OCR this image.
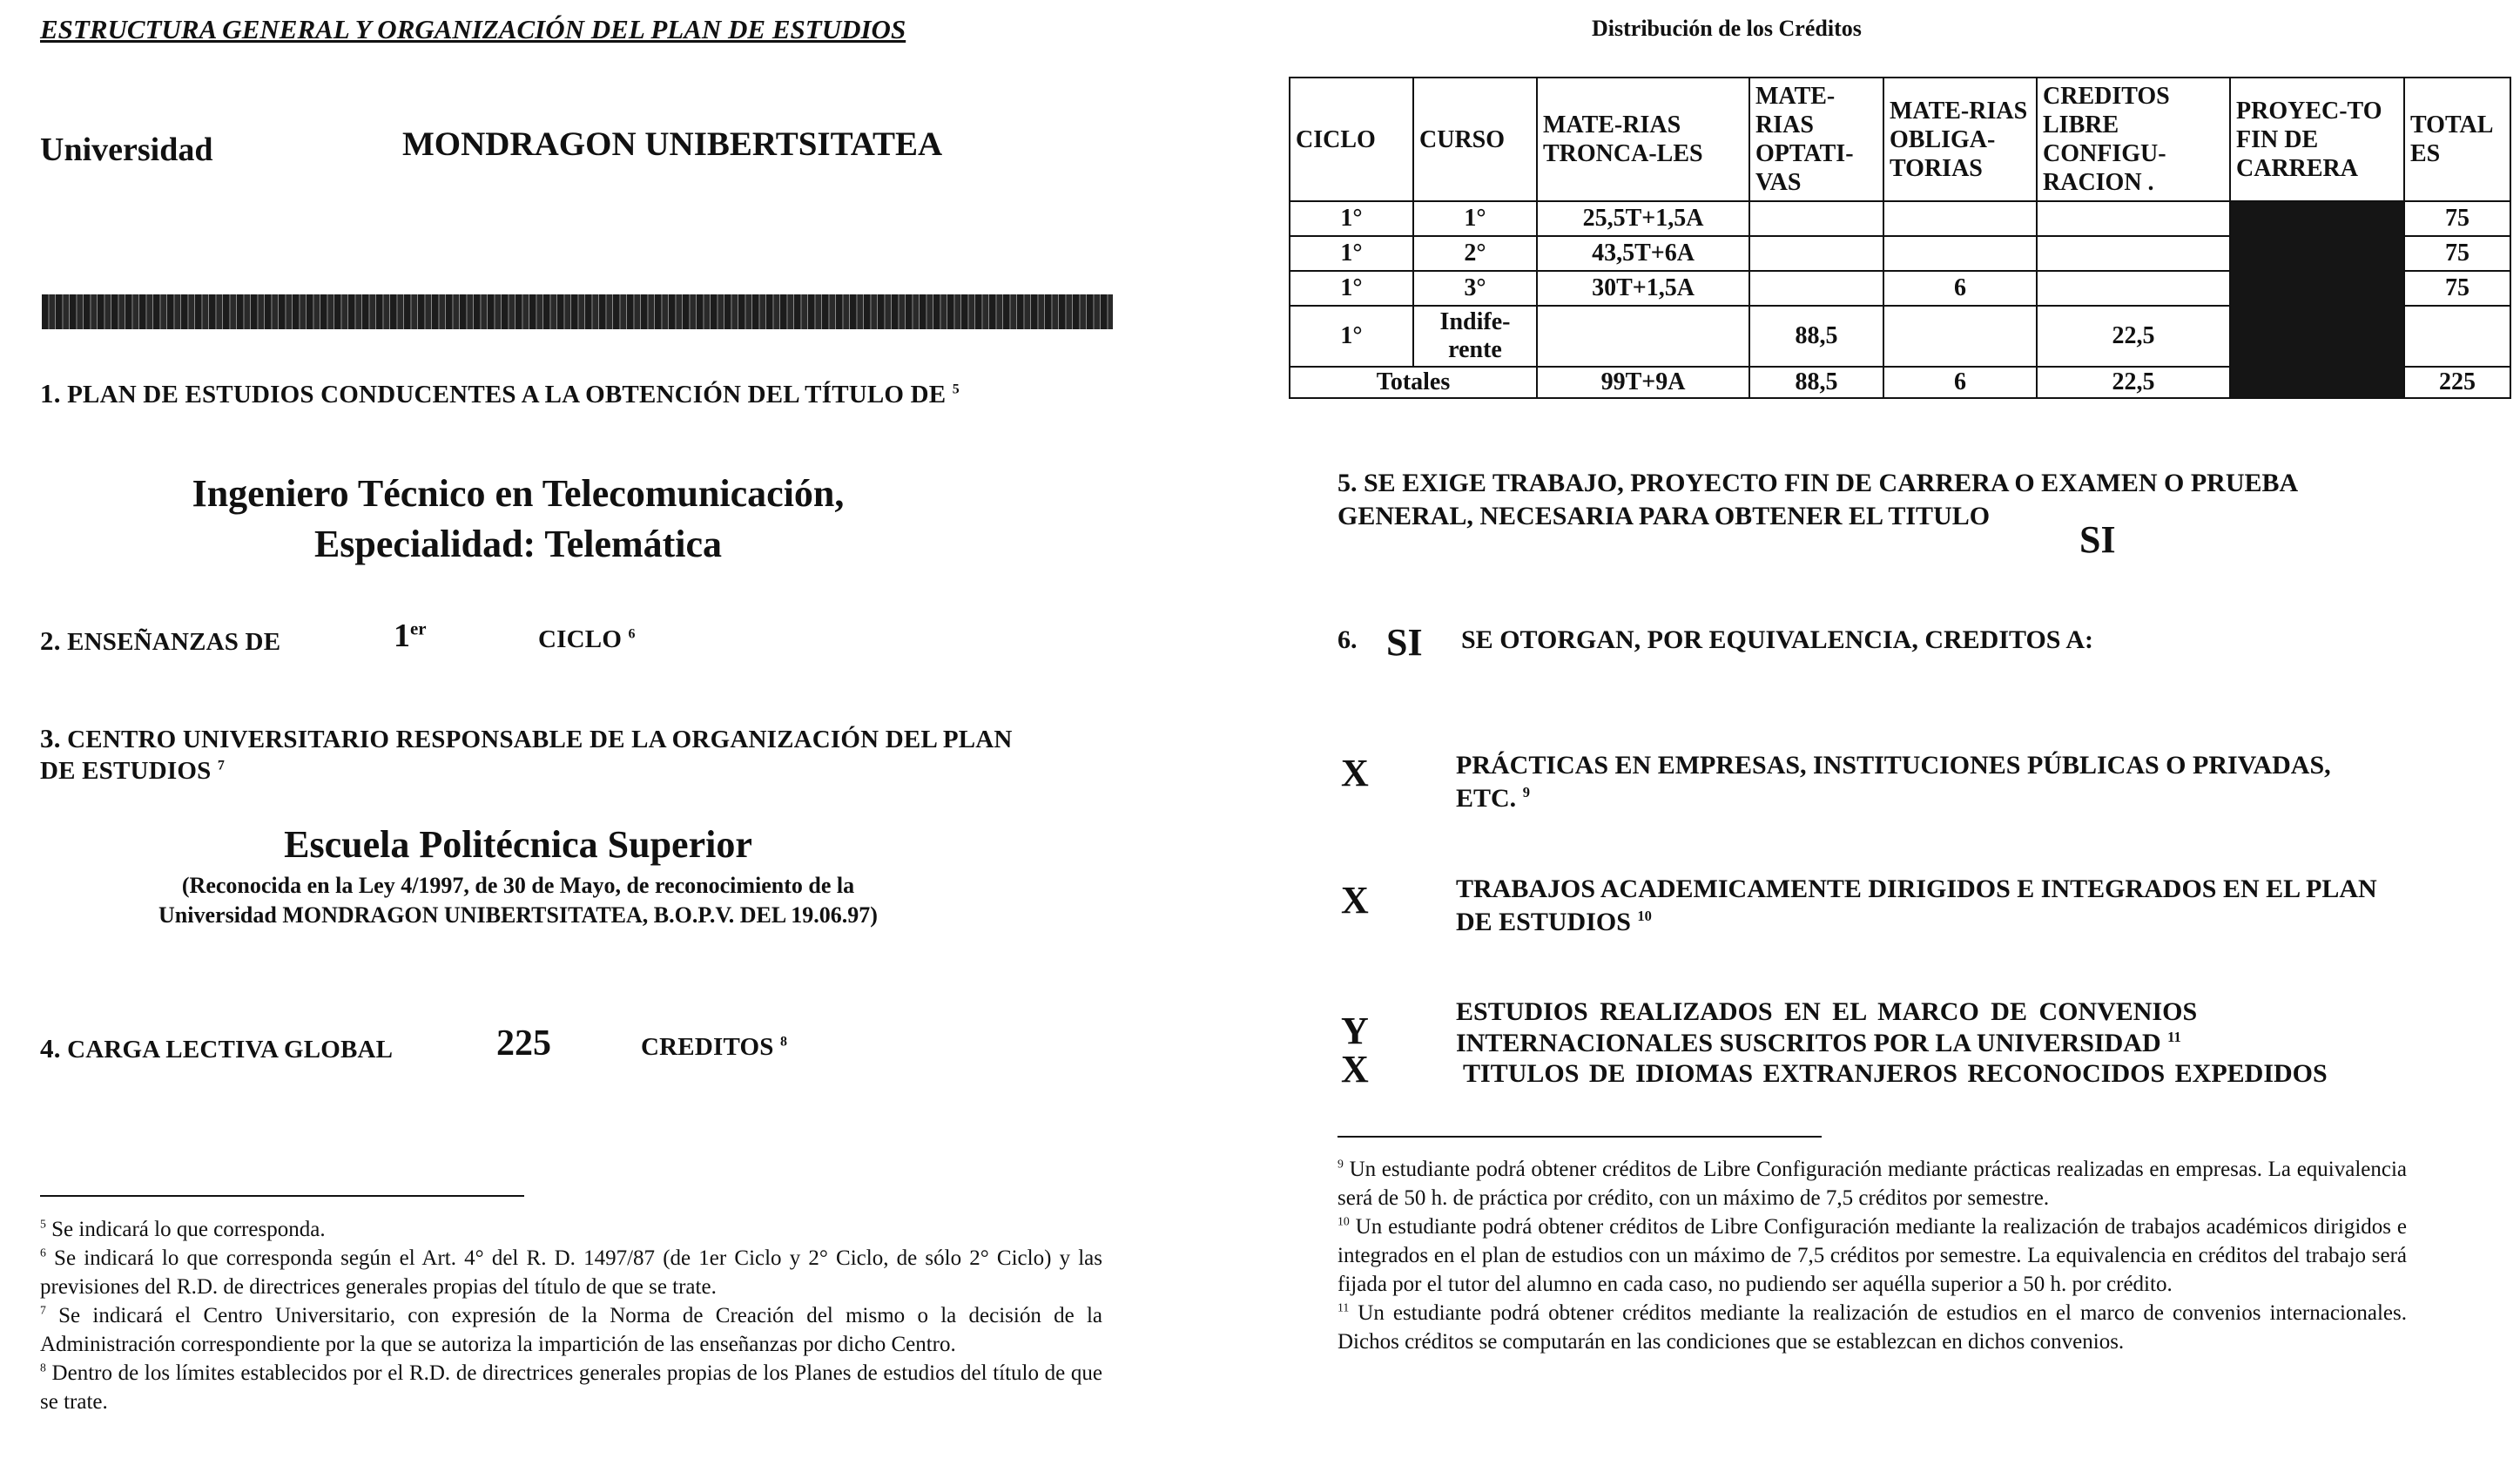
ESTRUCTURA GENERAL Y ORGANIZACIÓN DEL PLAN DE ESTUDIOS
Universidad	MONDRAGON UNIBERTSITATEA
1. PLAN DE ESTUDIOS CONDUCENTES A LA OBTENCIÓN DEL TÍTULO DE $^5$
Ingeniero Técnico en Telecomunicación,
Especialidad: Telemática
2. ENSEÑANZAS DE	1er	CICLO $^6$
3. CENTRO UNIVERSITARIO RESPONSABLE DE LA ORGANIZACIÓN DEL PLAN
DE ESTUDIOS $^7$
Escuela Politécnica Superior
(Reconocida en la Ley 4/1997, de 30 de Mayo, de reconocimiento de la
Universidad MONDRAGON UNIBERTSITATEA, B.O.P.V. DEL 19.06.97)
4. CARGA LECTIVA GLOBAL	225	CREDITOS $^8$
$^5$ Se indicará lo que corresponda.
$^6$ Se indicará lo que corresponda según el Art. 4° del R. D. 1497/87 (de 1er Ciclo y 2° Ciclo, de sólo 2° Ciclo) y las previsiones del R.D. de directrices generales propias del título de que se trate.
$^7$ Se indicará el Centro Universitario, con expresión de la Norma de Creación del mismo o la decisión de la Administración correspondiente por la que se autoriza la impartición de las enseñanzas por dicho Centro.
$^8$ Dentro de los límites establecidos por el R.D. de directrices generales propias de los Planes de estudios del título de que se trate.
Distribución de los Créditos
CICLO	CURSO	MATE-RIAS TRONCA-LES	MATE-RIAS OPTATI-VAS	MATE-RIAS OBLIGA-TORIAS	CREDITOS LIBRE CONFIGU-RACION .	PROYEC-TO FIN DE CARRERA	TOTAL ES
1°	1°	25,5T+1,5A					75
1°	2°	43,5T+6A					75
1°	3°	30T+1,5A		6			75
1°	Indife-rente		88,5		22,5		
Totales		99T+9A	88,5	6	22,5		225
5. SE EXIGE TRABAJO, PROYECTO FIN DE CARRERA O EXAMEN O PRUEBA
GENERAL, NECESARIA PARA OBTENER EL TITULO
SI
6. SI SE OTORGAN, POR EQUIVALENCIA, CREDITOS A:
X	PRÁCTICAS EN EMPRESAS, INSTITUCIONES PÚBLICAS O PRIVADAS,
ETC. $^9$
X	TRABAJOS ACADEMICAMENTE DIRIGIDOS E INTEGRADOS EN EL PLAN
DE ESTUDIOS $^{10}$
Y	ESTUDIOS REALIZADOS EN EL MARCO DE CONVENIOS
INTERNACIONALES SUSCRITOS POR LA UNIVERSIDAD $^{11}$
X	TITULOS DE IDIOMAS EXTRANJEROS RECONOCIDOS EXPEDIDOS
$^9$ Un estudiante podrá obtener créditos de Libre Configuración mediante prácticas realizadas en empresas. La equivalencia será de 50 h. de práctica por crédito, con un máximo de 7,5 créditos por semestre.
$^{10}$ Un estudiante podrá obtener créditos de Libre Configuración mediante la realización de trabajos académicos dirigidos e integrados en el plan de estudios con un máximo de 7,5 créditos por semestre. La equivalencia en créditos del trabajo será fijada por el tutor del alumno en cada caso, no pudiendo ser aquélla superior a 50 h. por crédito.
$^{11}$ Un estudiante podrá obtener créditos mediante la realización de estudios en el marco de convenios internacionales. Dichos créditos se computarán en las condiciones que se establezcan en dichos convenios.
